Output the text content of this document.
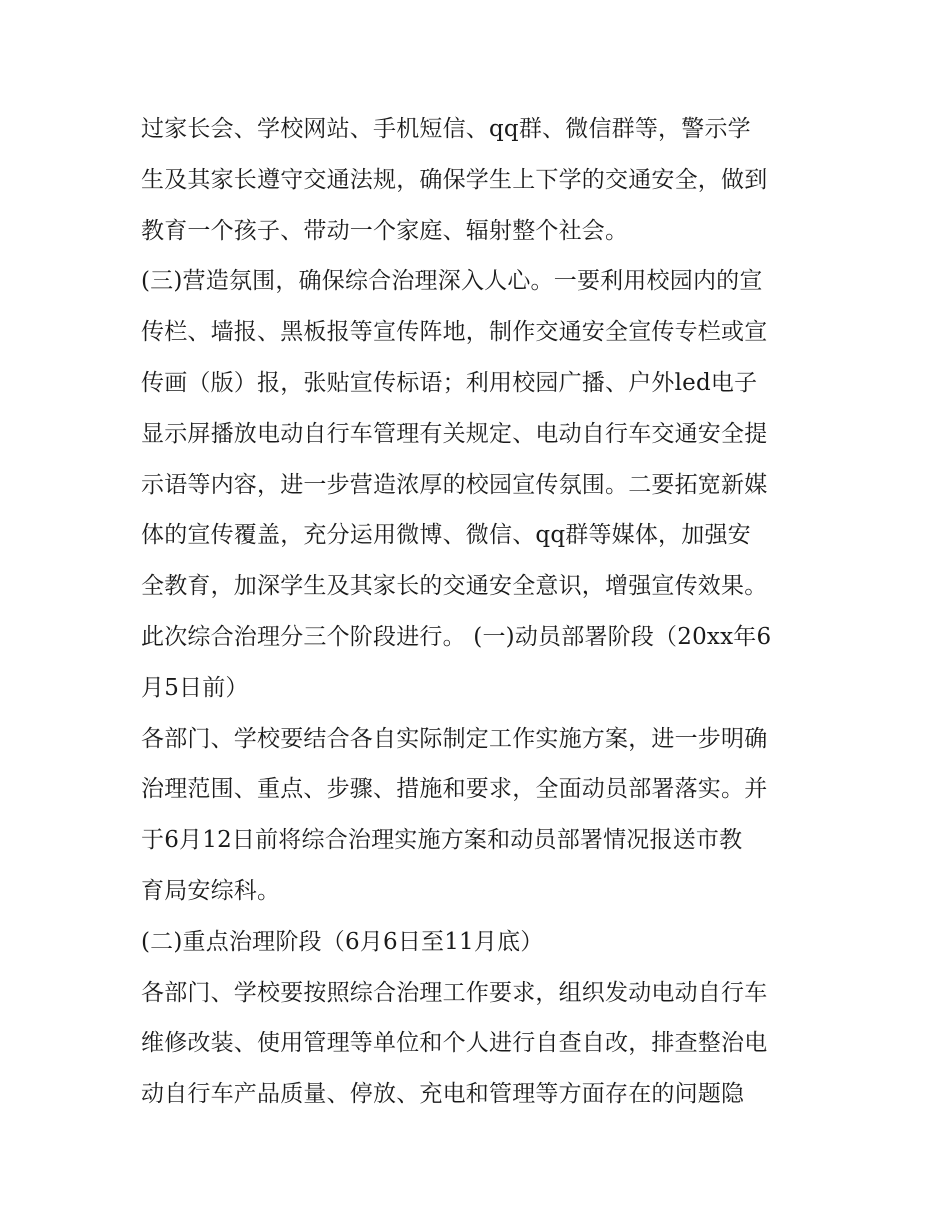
过家长会、学校网站、手机短信、qq群、微信群等，警示学
生及其家长遵守交通法规，确保学生上下学的交通安全，做到
教育一个孩子、带动一个家庭、辐射整个社会。
(三)营造氛围，确保综合治理深入人心。一要利用校园内的宣
传栏、墙报、黑板报等宣传阵地，制作交通安全宣传专栏或宣
传画（版）报，张贴宣传标语；利用校园广播、户外led电子
显示屏播放电动自行车管理有关规定、电动自行车交通安全提
示语等内容，进一步营造浓厚的校园宣传氛围。二要拓宽新媒
体的宣传覆盖，充分运用微博、微信、qq群等媒体，加强安
全教育，加深学生及其家长的交通安全意识，增强宣传效果。
此次综合治理分三个阶段进行。 (一)动员部署阶段（20xx年6
月5日前）
各部门、学校要结合各自实际制定工作实施方案，进一步明确
治理范围、重点、步骤、措施和要求，全面动员部署落实。并
于6月12日前将综合治理实施方案和动员部署情况报送市教
育局安综科。
(二)重点治理阶段（6月6日至11月底）
各部门、学校要按照综合治理工作要求，组织发动电动自行车
维修改装、使用管理等单位和个人进行自查自改，排查整治电
动自行车产品质量、停放、充电和管理等方面存在的问题隐
